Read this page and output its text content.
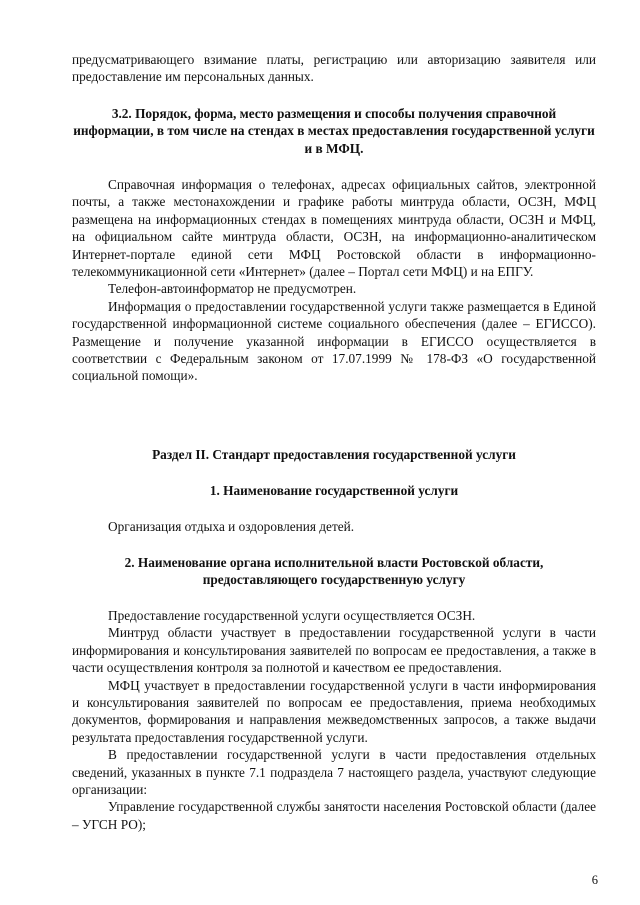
предусматривающего взимание платы, регистрацию или авторизацию заявителя или предоставление им персональных данных.

3.2. Порядок, форма, место размещения и способы получения справочной информации, в том числе на стендах в местах предоставления государственной услуги и в МФЦ.

Справочная информация о телефонах, адресах официальных сайтов, электронной почты, а также местонахождении и графике работы минтруда области, ОСЗН, МФЦ размещена на информационных стендах в помещениях минтруда области, ОСЗН и МФЦ, на официальном сайте минтруда области, ОСЗН, на информационно-аналитическом Интернет-портале единой сети МФЦ Ростовской области в информационно-телекоммуникационной сети «Интернет» (далее – Портал сети МФЦ) и на ЕПГУ.

Телефон-автоинформатор не предусмотрен.

Информация о предоставлении государственной услуги также размещается в Единой государственной информационной системе социального обеспечения (далее – ЕГИССО). Размещение и получение указанной информации в ЕГИССО осуществляется в соответствии с Федеральным законом от 17.07.1999 № 178-ФЗ «О государственной социальной помощи».

Раздел II. Стандарт предоставления государственной услуги

1. Наименование государственной услуги

Организация отдыха и оздоровления детей.

2. Наименование органа исполнительной власти Ростовской области, предоставляющего государственную услугу

Предоставление государственной услуги осуществляется ОСЗН.

Минтруд области участвует в предоставлении государственной услуги в части информирования и консультирования заявителей по вопросам ее предоставления, а также в части осуществления контроля за полнотой и качеством ее предоставления.

МФЦ участвует в предоставлении государственной услуги в части информирования и консультирования заявителей по вопросам ее предоставления, приема необходимых документов, формирования и направления межведомственных запросов, а также выдачи результата предоставления государственной услуги.

В предоставлении государственной услуги в части предоставления отдельных сведений, указанных в пункте 7.1 подраздела 7 настоящего раздела, участвуют следующие организации:

Управление государственной службы занятости населения Ростовской области (далее – УГСН РО);

6
